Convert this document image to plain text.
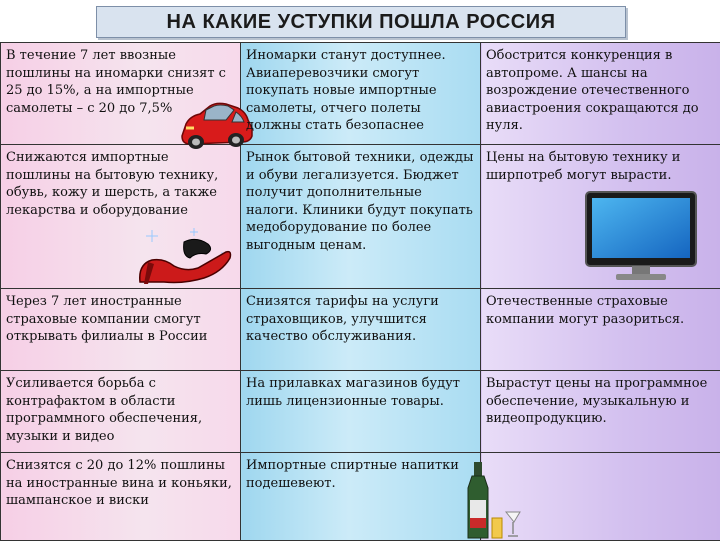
НА КАКИЕ УСТУПКИ ПОШЛА РОССИЯ
В течение 7 лет ввозные пошлины на иномарки снизят с 25 до 15%, а на импортные самолеты – с 20 до 7,5%	Иномарки станут доступнее. Авиаперевозчики смогут покупать новые импортные самолеты, отчего полеты должны стать безопаснее	Обострится конкуренция в автопроме. А шансы на возрождение отечественного авиастроения сокращаются до нуля.

Снижаются импортные пошлины на бытовую технику, обувь, кожу и шерсть, а также лекарства и оборудование	Рынок бытовой техники, одежды и обуви легализуется. Бюджет получит дополнительные налоги. Клиники будут покупать медоборудование по более выгодным ценам.	Цены на бытовую технику и ширпотреб могут вырасти.

Через 7 лет иностранные страховые компании смогут открывать филиалы в России	Снизятся тарифы на услуги страховщиков, улучшится качество обслуживания.	Отечественные страховые компании могут разориться.

Усиливается борьба с контрафактом в области программного обеспечения, музыки и видео	На прилавках магазинов будут лишь лицензионные товары.	Вырастут цены на программное обеспечение, музыкальную и видеопродукцию.

Снизятся с 20 до 12% пошлины на иностранные вина и коньяки, шампанское и виски	Импортные спиртные напитки подешевеют.	
